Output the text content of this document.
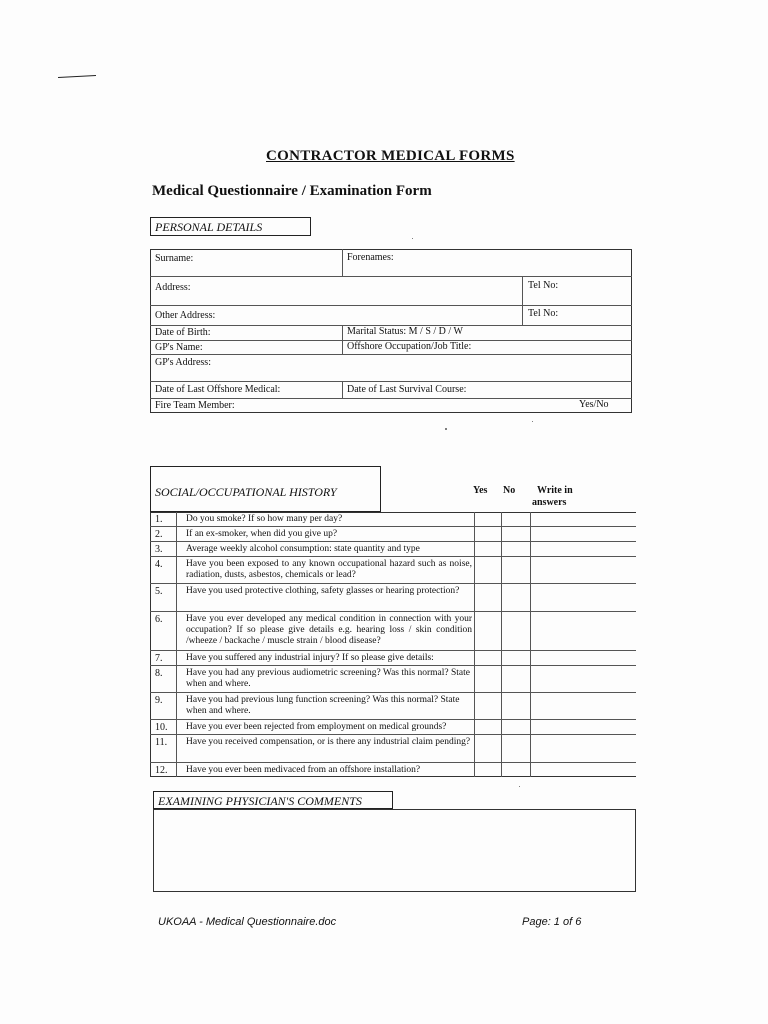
CONTRACTOR MEDICAL FORMS
Medical Questionnaire / Examination Form
PERSONAL DETAILS
Surname:	Forenames:
Address:	Tel No:
Other Address:	Tel No:
Date of Birth:	Marital Status: M / S / D / W
GP's Name:	Offshore Occupation/Job Title:
GP's Address:
Date of Last Offshore Medical:	Date of Last Survival Course:
Fire Team Member:	Yes/No
SOCIAL/OCCUPATIONAL HISTORY	Yes No Write in
answers
1. Do you smoke? If so how many per day?
2. If an ex-smoker, when did you give up?
3. Average weekly alcohol consumption: state quantity and type
4. Have you been exposed to any known occupational hazard such as noise, radiation, dusts, asbestos, chemicals or lead?
5. Have you used protective clothing, safety glasses or hearing protection?
6. Have you ever developed any medical condition in connection with your occupation? If so please give details e.g. hearing loss / skin condition /wheeze / backache / muscle strain / blood disease?
7. Have you suffered any industrial injury? If so please give details:
8. Have you had any previous audiometric screening? Was this normal? State when and where.
9. Have you had previous lung function screening? Was this normal? State when and where.
10. Have you ever been rejected from employment on medical grounds?
11. Have you received compensation, or is there any industrial claim pending?
12. Have you ever been medivaced from an offshore installation?
EXAMINING PHYSICIAN'S COMMENTS
UKOAA - Medical Questionnaire.doc	Page: 1 of 6
